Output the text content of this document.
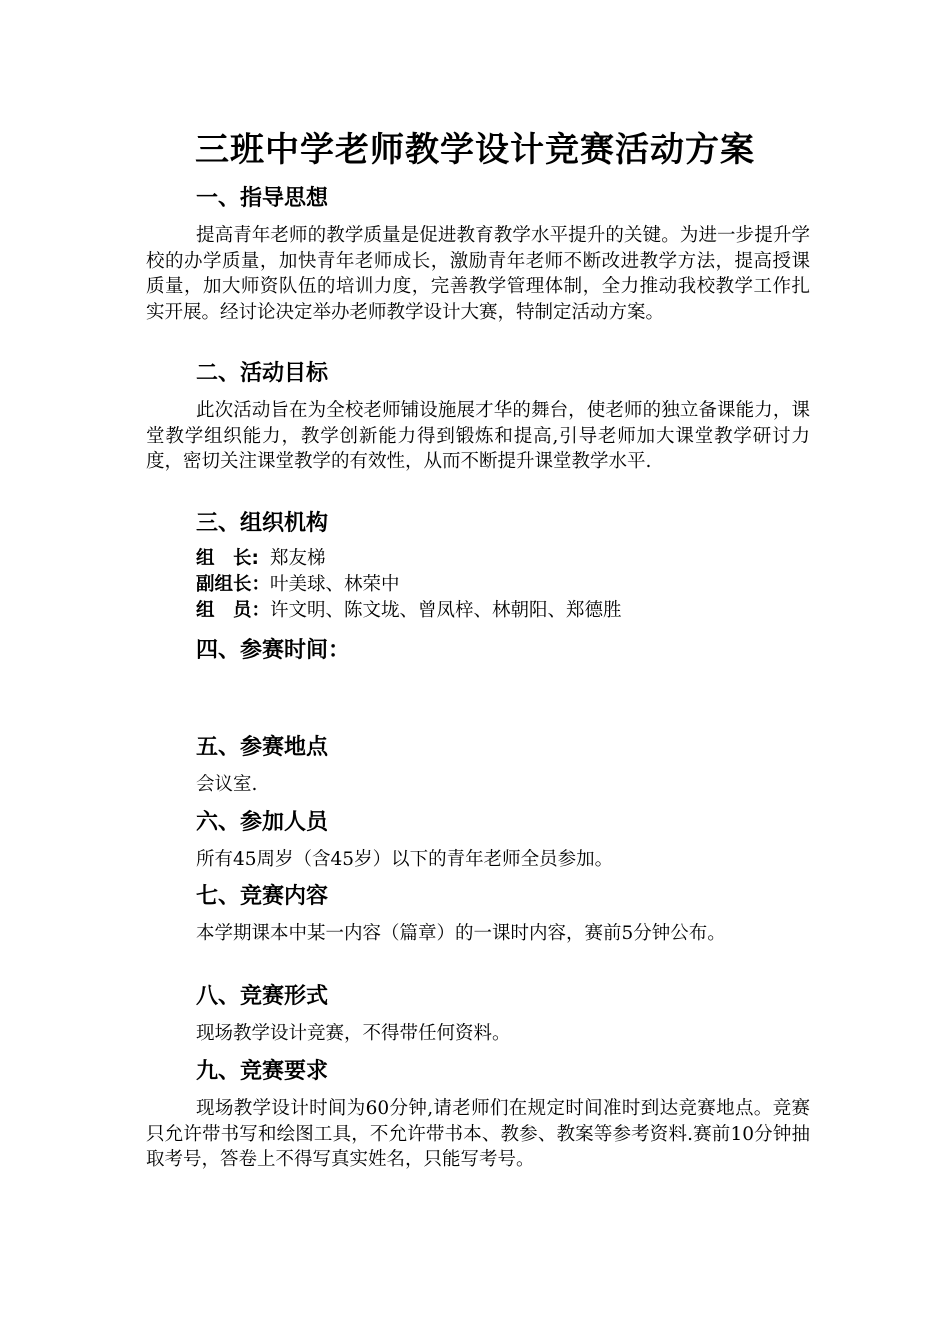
三班中学老师教学设计竞赛活动方案
一、指导思想
提高青年老师的教学质量是促进教育教学水平提升的关键。为进一步提升学校的办学质量，加快青年老师成长，激励青年老师不断改进教学方法，提高授课质量，加大师资队伍的培训力度，完善教学管理体制，全力推动我校教学工作扎实开展。经讨论决定举办老师教学设计大赛，特制定活动方案。
二、活动目标
此次活动旨在为全校老师铺设施展才华的舞台，使老师的独立备课能力，课堂教学组织能力，教学创新能力得到锻炼和提高,引导老师加大课堂教学研讨力度，密切关注课堂教学的有效性，从而不断提升课堂教学水平.
三、组织机构
组　长: 郑友梯
副组长：叶美球、林荣中
组　员：许文明、陈文垅、曾凤梓、林朝阳、郑德胜
四、参赛时间：
五、参赛地点
会议室.
六、参加人员
所有45周岁（含45岁）以下的青年老师全员参加。
七、竞赛内容
本学期课本中某一内容（篇章）的一课时内容，赛前5分钟公布。
八、竞赛形式
现场教学设计竞赛，不得带任何资料。
九、竞赛要求
现场教学设计时间为60分钟,请老师们在规定时间准时到达竞赛地点。竞赛只允许带书写和绘图工具，不允许带书本、教参、教案等参考资料.赛前10分钟抽取考号，答卷上不得写真实姓名，只能写考号。
